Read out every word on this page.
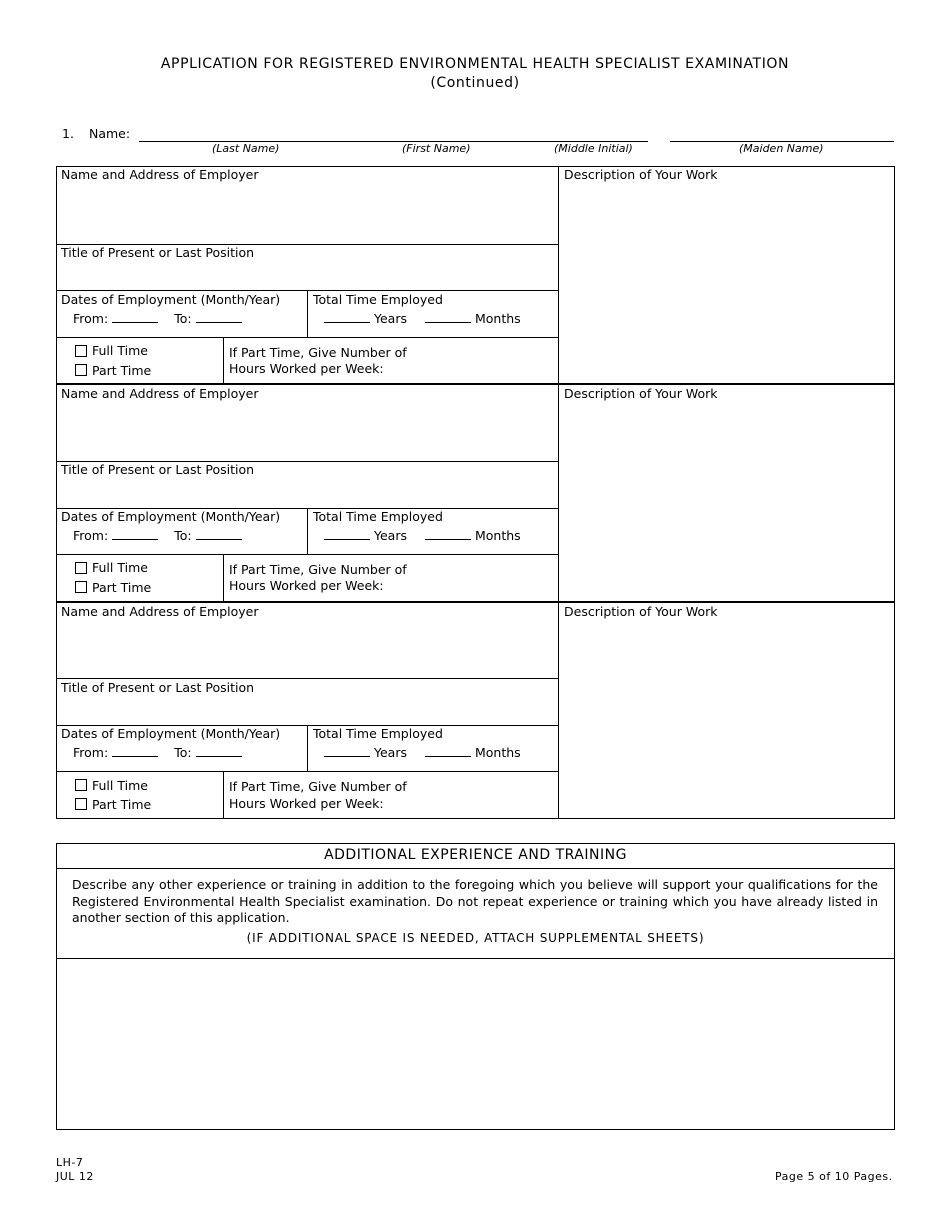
APPLICATION FOR REGISTERED ENVIRONMENTAL HEALTH SPECIALIST EXAMINATION
(Continued)
1. Name:
(Last Name)	(First Name)	(Middle Initial)	(Maiden Name)
Name and Address of Employer	Description of Your Work
Title of Present or Last Position
Dates of Employment (Month/Year)
From:	To:
Total Time Employed
Years	Months
Full Time
Part Time
If Part Time, Give Number of
Hours Worked per Week:
Name and Address of Employer	Description of Your Work
Title of Present or Last Position
Dates of Employment (Month/Year)
From:	To:
Total Time Employed
Years	Months
Full Time
Part Time
If Part Time, Give Number of
Hours Worked per Week:
Name and Address of Employer	Description of Your Work
Title of Present or Last Position
Dates of Employment (Month/Year)
From:	To:
Total Time Employed
Years	Months
Full Time
Part Time
If Part Time, Give Number of
Hours Worked per Week:
ADDITIONAL EXPERIENCE AND TRAINING
Describe any other experience or training in addition to the foregoing which you believe will support your qualifications for the Registered Environmental Health Specialist examination. Do not repeat experience or training which you have already listed in another section of this application.
(IF ADDITIONAL SPACE IS NEEDED, ATTACH SUPPLEMENTAL SHEETS)
LH-7
JUL 12	Page 5 of 10 Pages.
